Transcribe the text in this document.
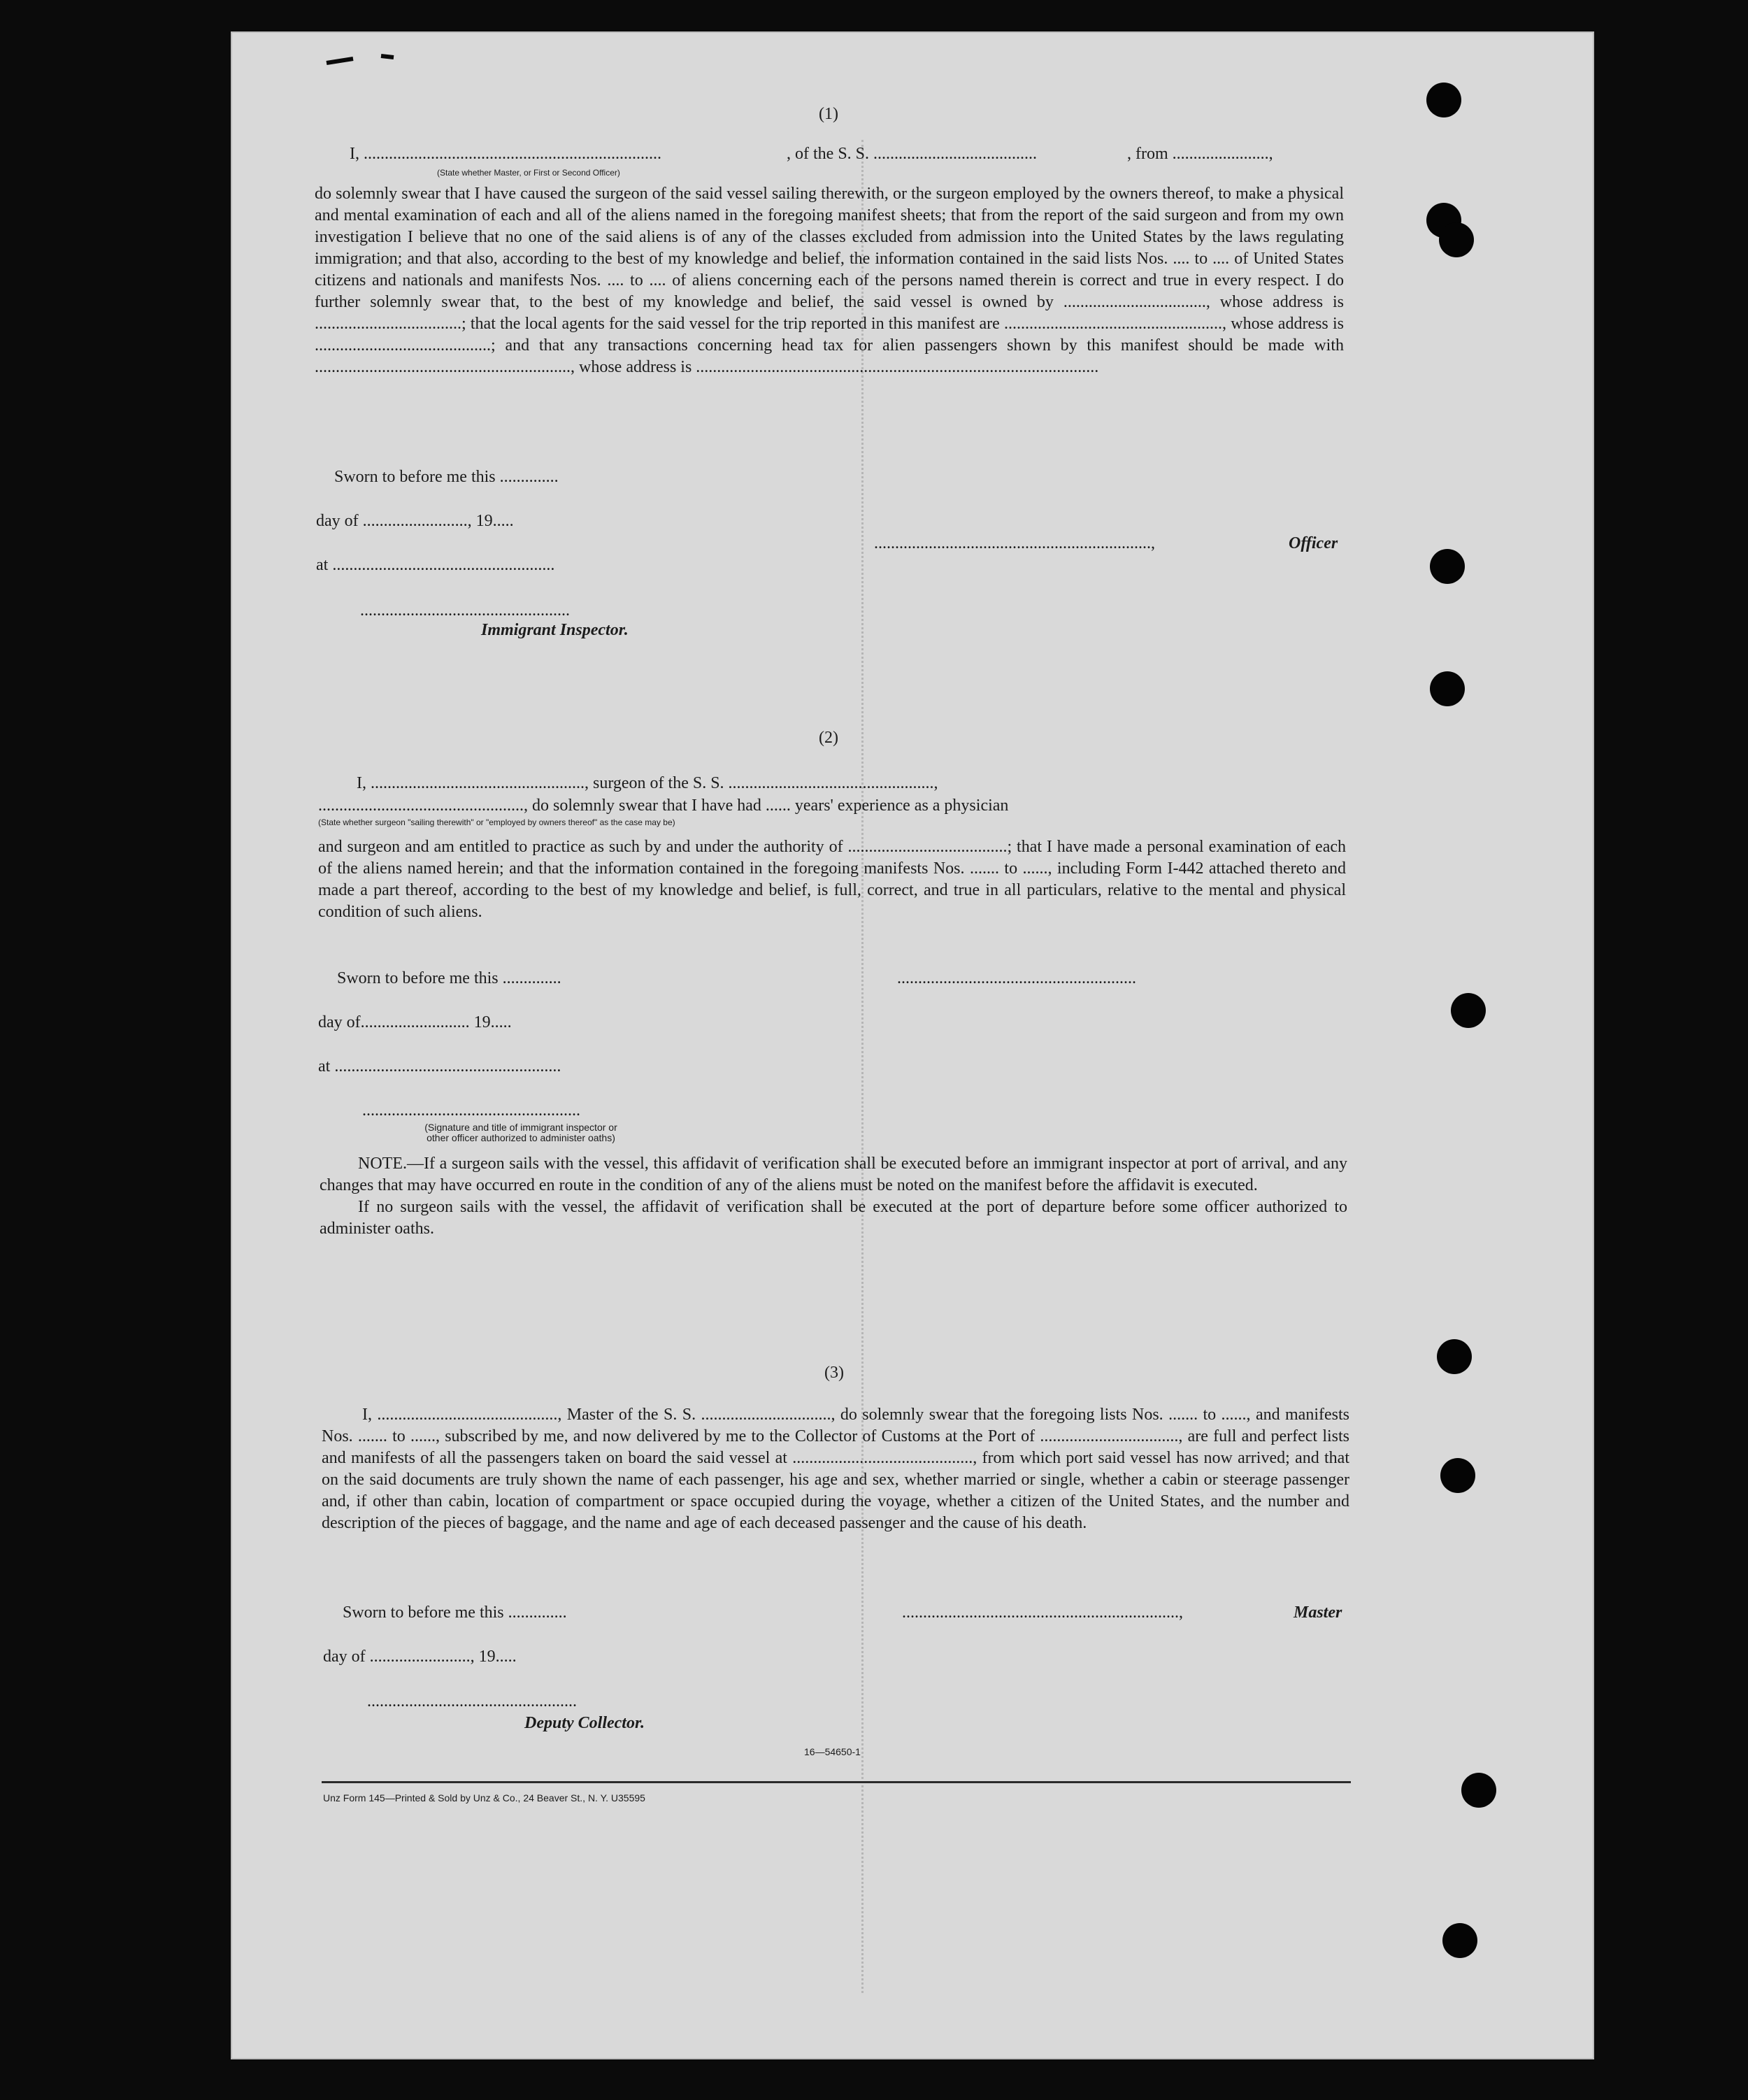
(1)
I, .......................................................................	, of the S. S. .......................................	, from .......................,
(State whether Master, or First or Second Officer)

do solemnly swear that I have caused the surgeon of the said vessel sailing therewith, or the surgeon employed by the owners thereof, to make a physical and mental examination of each and all of the aliens named in the foregoing manifest sheets; that from the report of the said surgeon and from my own investigation I believe that no one of the said aliens is of any of the classes excluded from admission into the United States by the laws regulating immigration; and that also, according to the best of my knowledge and belief, the information contained in the said lists Nos. .... to .... of United States citizens and nationals and manifests Nos. .... to .... of aliens concerning each of the persons named therein is correct and true in every respect. I do further solemnly swear that, to the best of my knowledge and belief, the said vessel is owned by .................................., whose address is ...................................; that the local agents for the said vessel for the trip reported in this manifest are ...................................................., whose address is ..........................................; and that any transactions concerning head tax for alien passengers shown by this manifest should be made with ............................................................., whose address is ................................................................................................

Sworn to before me this ..............
day of ........................., 19.....
at .....................................................
..................................................................,	Officer
..................................................
Immigrant Inspector.
(2)
I, ..................................................., surgeon of the S. S. .................................................,
................................................., do solemnly swear that I have had ...... years' experience as a physician
(State whether surgeon "sailing therewith" or "employed by owners thereof" as the case may be)

and surgeon and am entitled to practice as such by and under the authority of ......................................; that I have made a personal examination of each of the aliens named herein; and that the information contained in the foregoing manifests Nos. ....... to ......, including Form I-442 attached thereto and made a part thereof, according to the best of my knowledge and belief, is full, correct, and true in all particulars, relative to the mental and physical condition of such aliens.

Sworn to before me this ..............	.........................................................
day of.......................... 19.....
at ......................................................
....................................................
(Signature and title of immigrant inspector or
other officer authorized to administer oaths)

NOTE.—If a surgeon sails with the vessel, this affidavit of verification shall be executed before an immigrant inspector at port of arrival, and any changes that may have occurred en route in the condition of any of the aliens must be noted on the manifest before the affidavit is executed.

If no surgeon sails with the vessel, the affidavit of verification shall be executed at the port of departure before some officer authorized to administer oaths.

(3)

I, ..........................................., Master of the S. S. ..............................., do solemnly swear that the foregoing lists Nos. ....... to ......, and manifests Nos. ....... to ......, subscribed by me, and now delivered by me to the Collector of Customs at the Port of ................................., are full and perfect lists and manifests of all the passengers taken on board the said vessel at ..........................................., from which port said vessel has now arrived; and that on the said documents are truly shown the name of each passenger, his age and sex, whether married or single, whether a cabin or steerage passenger and, if other than cabin, location of compartment or space occupied during the voyage, whether a citizen of the United States, and the number and description of the pieces of baggage, and the name and age of each deceased passenger and the cause of his death.

Sworn to before me this ..............	..................................................................,	Master
day of ........................, 19.....
..................................................
Deputy Collector.
16—54650-1
Unz Form 145—Printed & Sold by Unz & Co., 24 Beaver St., N. Y. U35595
